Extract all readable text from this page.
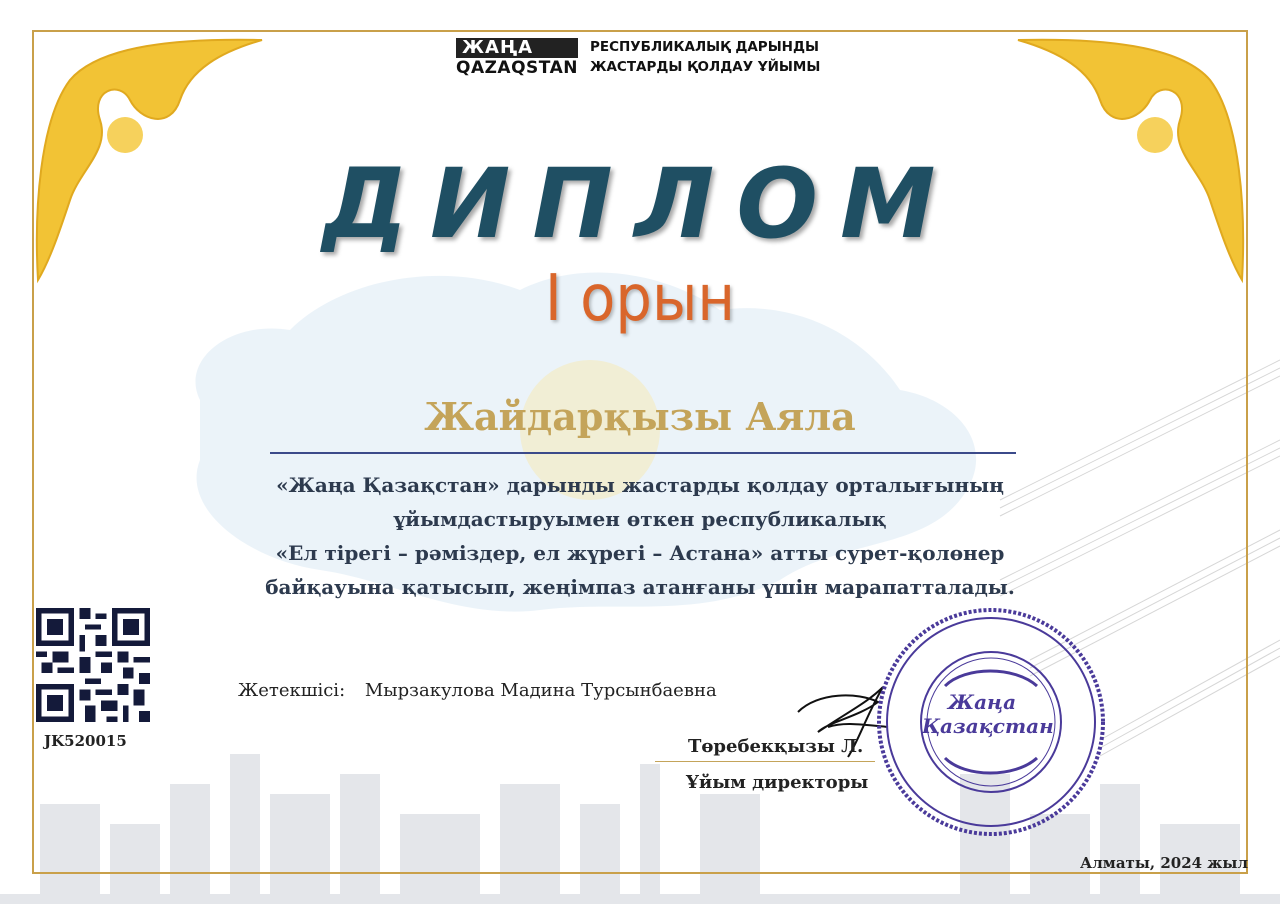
ЖАҢА
QAZAQSTAN
РЕСПУБЛИКАЛЫҚ ДАРЫНДЫ
ЖАСТАРДЫ ҚОЛДАУ ҰЙЫМЫ
ДИПЛОМ
І орын
Жайдарқызы Аяла
«Жаңа Қазақстан» дарынды жастарды қолдау орталығының
ұйымдастыруымен өткен республикалық
«Ел тірегі – рәміздер, ел жүрегі – Астана» атты сурет-қолөнер
байқауына қатысып, жеңімпаз атанғаны үшін марапатталады.
JK520015
Жетекшісі: Мырзакулова Мадина Турсынбаевна
Төребекқызы Л.
Ұйым директоры
Жаңа
Қазақстан
Алматы, 2024 жыл
